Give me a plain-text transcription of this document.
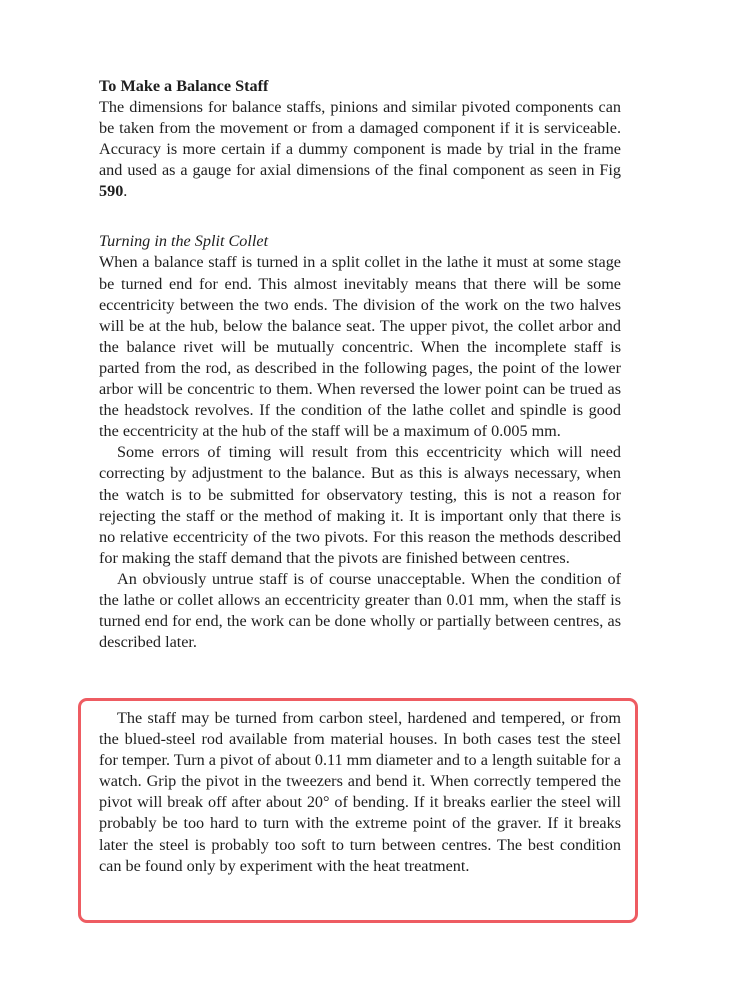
To Make a Balance Staff

The dimensions for balance staffs, pinions and similar pivoted components can be taken from the movement or from a damaged component if it is serviceable. Accuracy is more certain if a dummy component is made by trial in the frame and used as a gauge for axial dimensions of the final component as seen in Fig 590.

Turning in the Split Collet

When a balance staff is turned in a split collet in the lathe it must at some stage be turned end for end. This almost inevitably means that there will be some eccentricity between the two ends. The division of the work on the two halves will be at the hub, below the balance seat. The upper pivot, the collet arbor and the balance rivet will be mutually concentric. When the incomplete staff is parted from the rod, as described in the following pages, the point of the lower arbor will be concentric to them. When reversed the lower point can be trued as the headstock revolves. If the condition of the lathe collet and spindle is good the eccentricity at the hub of the staff will be a maximum of 0.005 mm.

Some errors of timing will result from this eccentricity which will need correcting by adjustment to the balance. But as this is always necessary, when the watch is to be submitted for observatory testing, this is not a reason for rejecting the staff or the method of making it. It is important only that there is no relative eccentricity of the two pivots. For this reason the methods described for making the staff demand that the pivots are finished between centres.

An obviously untrue staff is of course unacceptable. When the condition of the lathe or collet allows an eccentricity greater than 0.01 mm, when the staff is turned end for end, the work can be done wholly or partially between centres, as described later.

The staff may be turned from carbon steel, hardened and tempered, or from the blued-steel rod available from material houses. In both cases test the steel for temper. Turn a pivot of about 0.11 mm diameter and to a length suitable for a watch. Grip the pivot in the tweezers and bend it. When correctly tempered the pivot will break off after about 20° of bending. If it breaks earlier the steel will probably be too hard to turn with the extreme point of the graver. If it breaks later the steel is probably too soft to turn between centres. The best condition can be found only by experiment with the heat treatment.
